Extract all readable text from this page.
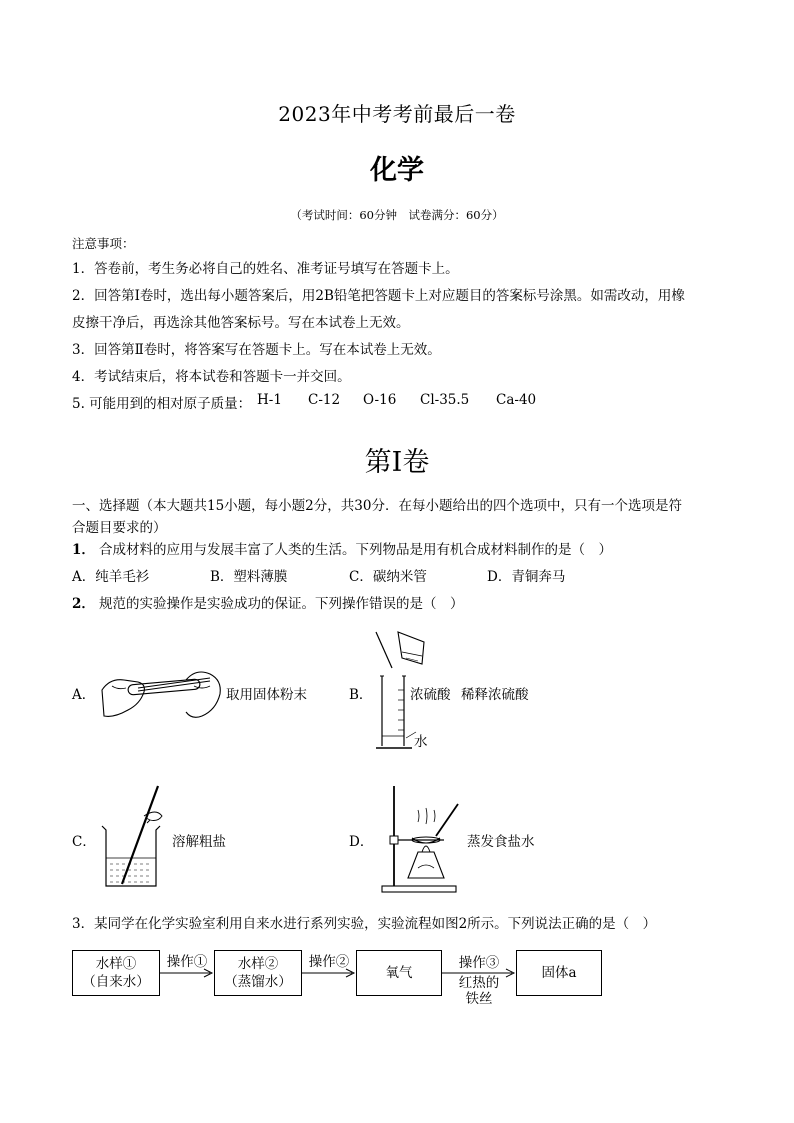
2023年中考考前最后一卷
化学
（考试时间：60分钟　试卷满分：60分）
注意事项：
1．答卷前，考生务必将自己的姓名、准考证号填写在答题卡上。
2．回答第Ⅰ卷时，选出每小题答案后，用2B铅笔把答题卡上对应题目的答案标号涂黑。如需改动，用橡
皮擦干净后，再选涂其他答案标号。写在本试卷上无效。
3．回答第Ⅱ卷时，将答案写在答题卡上。写在本试卷上无效。
4．考试结束后，将本试卷和答题卡一并交回。
5. 可能用到的相对原子质量： H-1 C-12 O-16 Cl-35.5 Ca-40
第Ⅰ卷
一、选择题（本大题共15小题，每小题2分，共30分．在每小题给出的四个选项中，只有一个选项是符
合题目要求的）
1． 合成材料的应用与发展丰富了人类的生活。下列物品是用有机合成材料制作的是（　）
A．纯羊毛衫	B．塑料薄膜	C．碳纳米管	D．青铜奔马
2． 规范的实验操作是实验成功的保证。下列操作错误的是（　）
A．	取用固体粉末	B．	浓硫酸 稀释浓硫酸
水
C．	溶解粗盐	D．	蒸发食盐水
3．某同学在化学实验室利用自来水进行系列实验，实验流程如图2所示。下列说法正确的是（　）
水样①
（自来水）
操作①	水样②
（蒸馏水）
操作②
氧气
操作③
红热的
铁丝
固体a
